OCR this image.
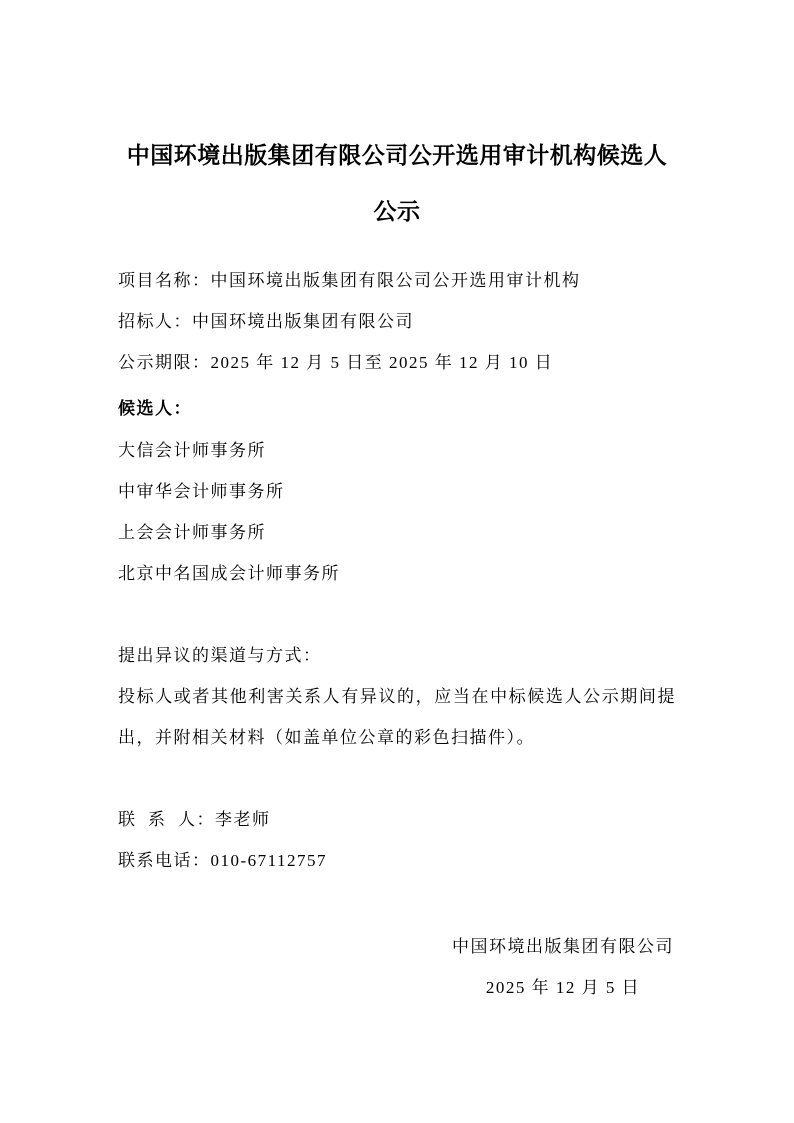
中国环境出版集团有限公司公开选用审计机构候选人
公示

项目名称：中国环境出版集团有限公司公开选用审计机构

招标人：中国环境出版集团有限公司

公示期限：2025 年 12 月 5 日至 2025 年 12 月 10 日

候选人：

大信会计师事务所

中审华会计师事务所

上会会计师事务所

北京中名国成会计师事务所

提出异议的渠道与方式：

投标人或者其他利害关系人有异议的，应当在中标候选人公示期间提出，并附相关材料（如盖单位公章的彩色扫描件）。

联  系  人：李老师

联系电话：010-67112757

中国环境出版集团有限公司

2025 年 12 月 5 日
